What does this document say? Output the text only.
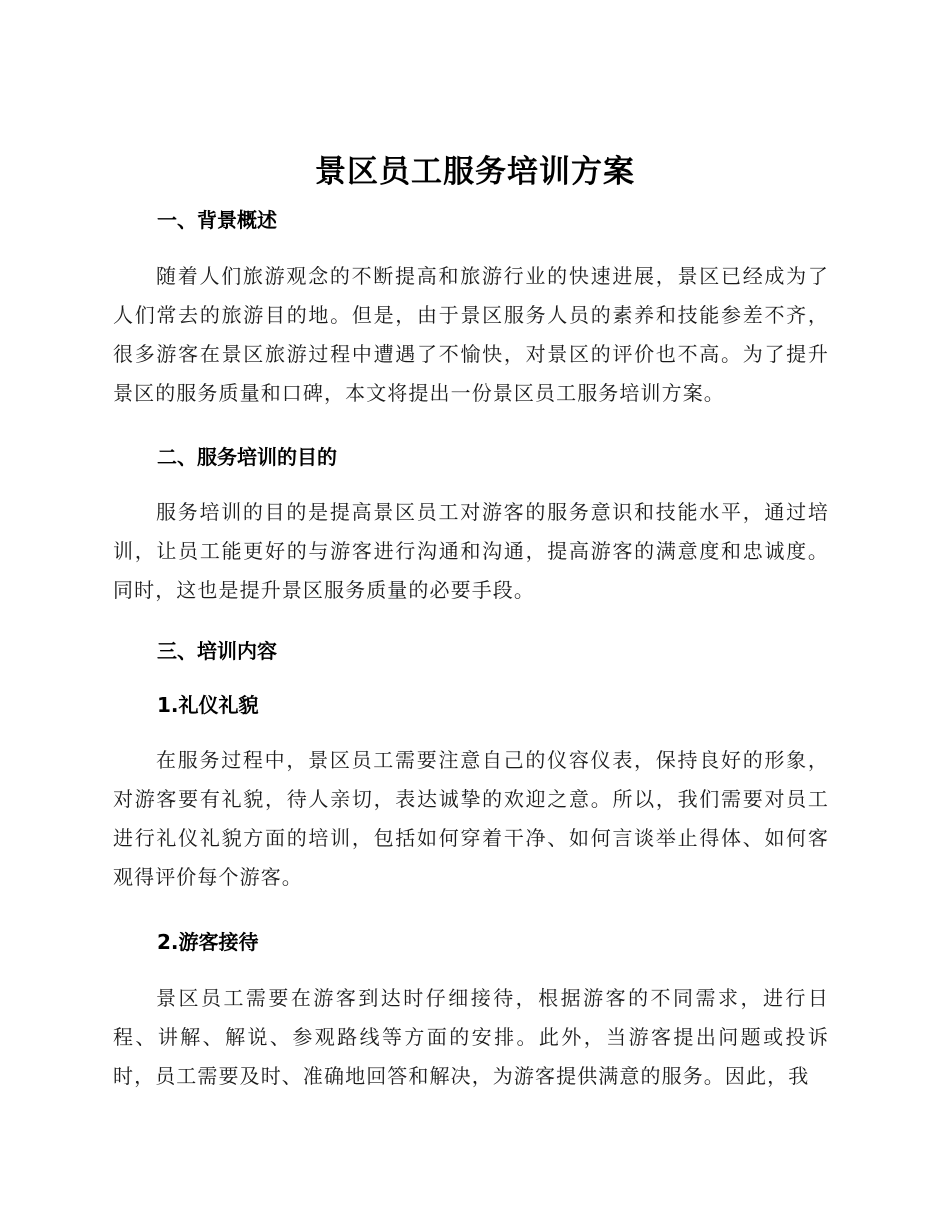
景区员工服务培训方案
一、背景概述
随着人们旅游观念的不断提高和旅游行业的快速进展，景区已经成为了人们常去的旅游目的地。但是，由于景区服务人员的素养和技能参差不齐，很多游客在景区旅游过程中遭遇了不愉快，对景区的评价也不高。为了提升景区的服务质量和口碑，本文将提出一份景区员工服务培训方案。
二、服务培训的目的
服务培训的目的是提高景区员工对游客的服务意识和技能水平，通过培训，让员工能更好的与游客进行沟通和沟通，提高游客的满意度和忠诚度。同时，这也是提升景区服务质量的必要手段。
三、培训内容
1.礼仪礼貌
在服务过程中，景区员工需要注意自己的仪容仪表，保持良好的形象，对游客要有礼貌，待人亲切，表达诚挚的欢迎之意。所以，我们需要对员工进行礼仪礼貌方面的培训，包括如何穿着干净、如何言谈举止得体、如何客观得评价每个游客。
2.游客接待
景区员工需要在游客到达时仔细接待，根据游客的不同需求，进行日程、讲解、解说、参观路线等方面的安排。此外，当游客提出问题或投诉时，员工需要及时、准确地回答和解决，为游客提供满意的服务。因此，我
